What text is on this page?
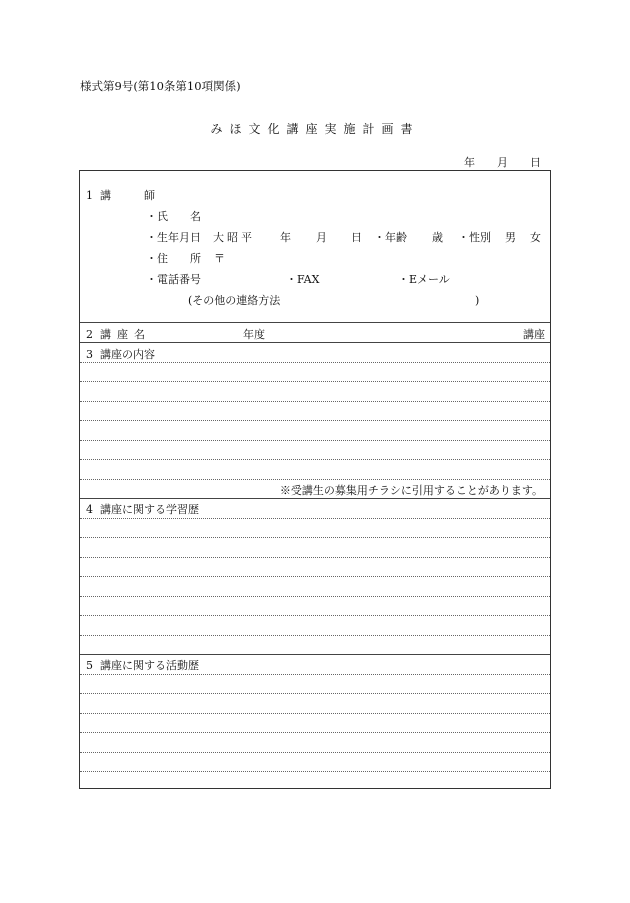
様式第9号(第10条第10項関係)
みほ文化講座実施計画書
年 月 日
1 講　　　師
・氏　　名
・生年月日 大昭平 年 月 日 ・年齢 歳 ・性別 男 女
・住　　所 〒
・電話番号	・FAX	・Eメール
(その他の連絡方法	)
2 講座名	年度	講座
3 講座の内容
※受講生の募集用チラシに引用することがあります。
4 講座に関する学習歴
5 講座に関する活動歴
